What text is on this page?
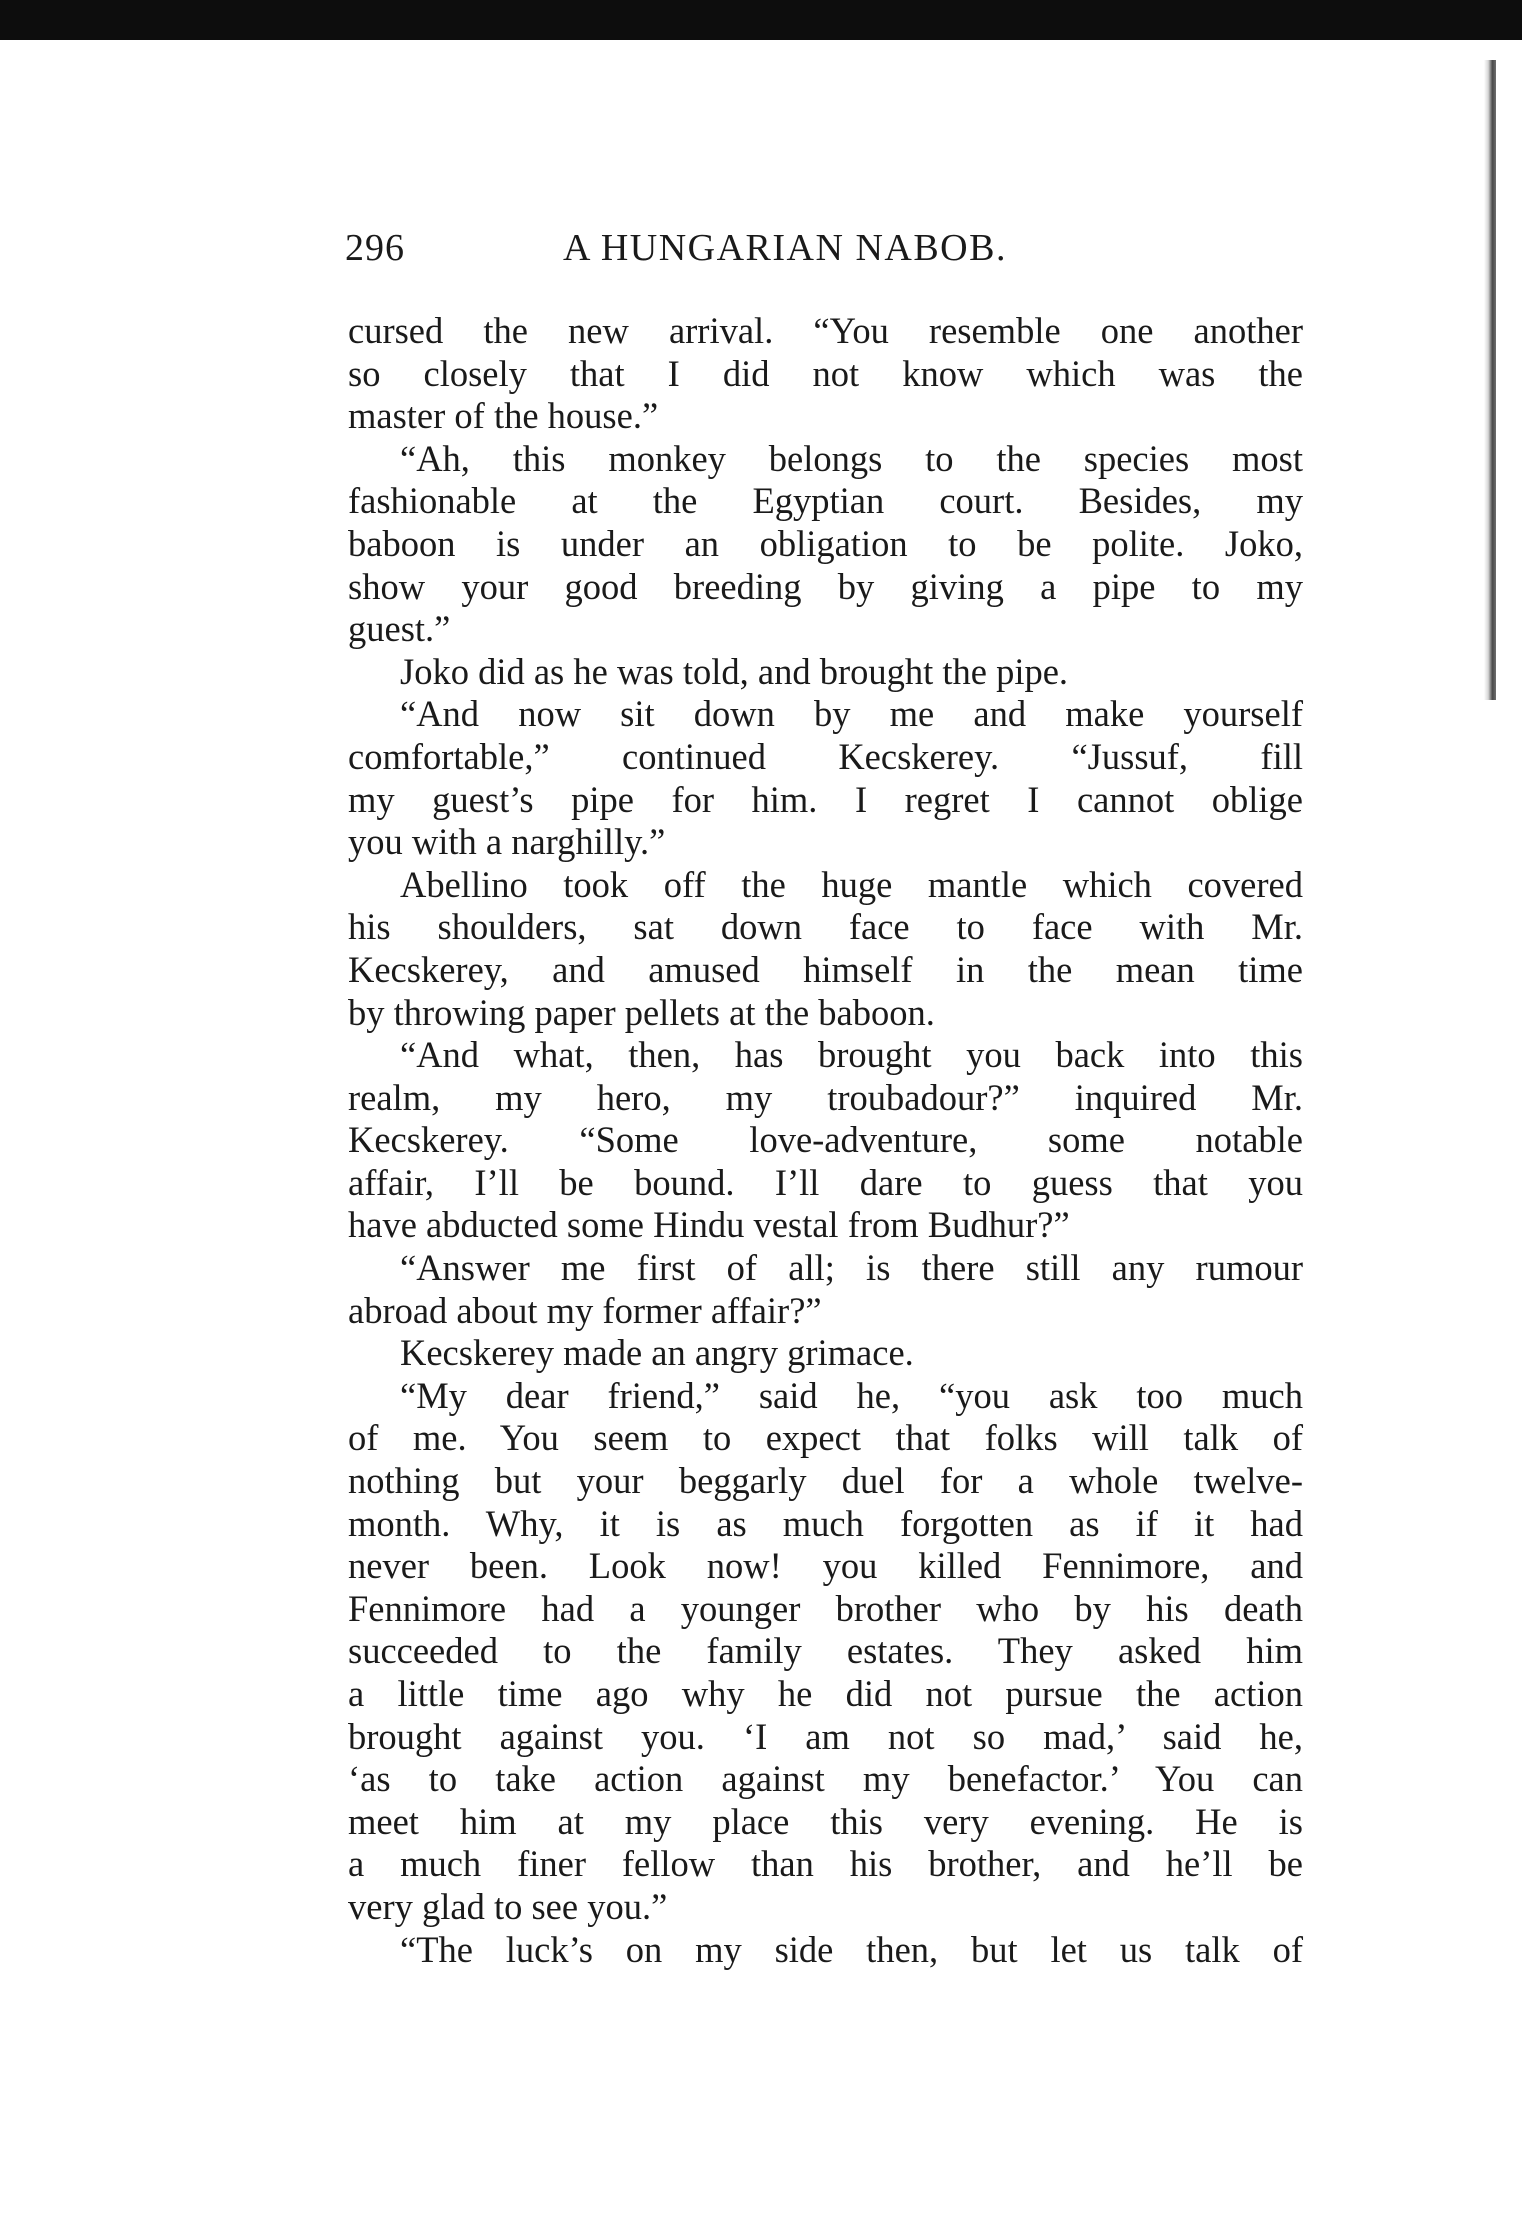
296	A HUNGARIAN NABOB.
cursed the new arrival. “You resemble one another
so closely that I did not know which was the
master of the house.”
“Ah, this monkey belongs to the species most
fashionable at the Egyptian court. Besides, my
baboon is under an obligation to be polite. Joko,
show your good breeding by giving a pipe to my
guest.”
Joko did as he was told, and brought the pipe.
“And now sit down by me and make yourself
comfortable,” continued Kecskerey. “Jussuf, fill
my guest’s pipe for him. I regret I cannot oblige
you with a narghilly.”
Abellino took off the huge mantle which covered
his shoulders, sat down face to face with Mr.
Kecskerey, and amused himself in the mean time
by throwing paper pellets at the baboon.
“And what, then, has brought you back into this
realm, my hero, my troubadour?” inquired Mr.
Kecskerey. “Some love-adventure, some notable
affair, I’ll be bound. I’ll dare to guess that you
have abducted some Hindu vestal from Budhur?”
“Answer me first of all; is there still any rumour
abroad about my former affair?”
Kecskerey made an angry grimace.
“My dear friend,” said he, “you ask too much
of me. You seem to expect that folks will talk of
nothing but your beggarly duel for a whole twelve-
month. Why, it is as much forgotten as if it had
never been. Look now! you killed Fennimore, and
Fennimore had a younger brother who by his death
succeeded to the family estates. They asked him
a little time ago why he did not pursue the action
brought against you. ‘I am not so mad,’ said he,
‘as to take action against my benefactor.’ You can
meet him at my place this very evening. He is
a much finer fellow than his brother, and he’ll be
very glad to see you.”
“The luck’s on my side then, but let us talk of
